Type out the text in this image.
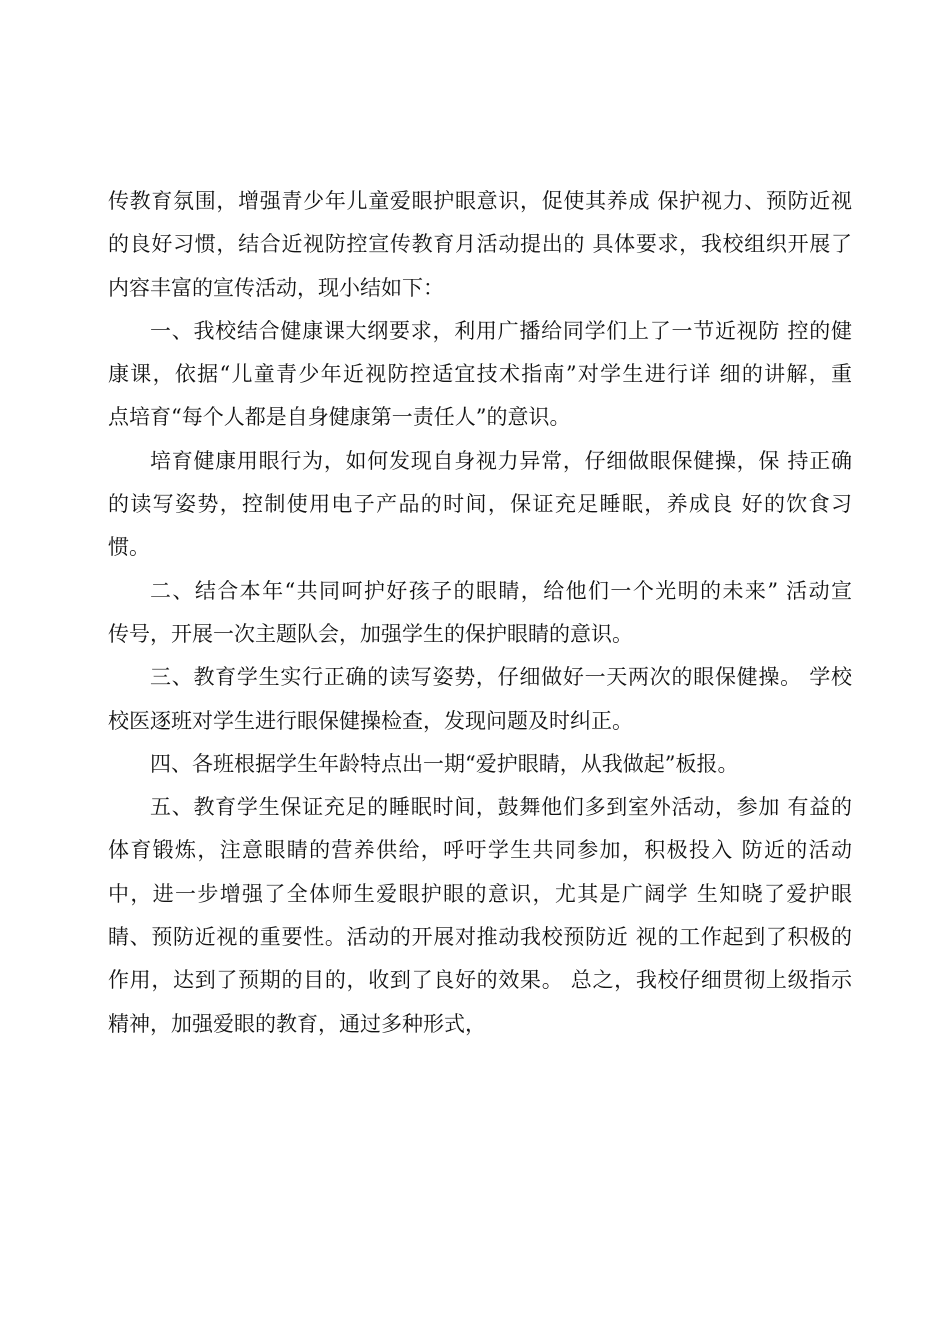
传教育氛围，增强青少年儿童爱眼护眼意识，促使其养成 保护视力、预防近视
的良好习惯，结合近视防控宣传教育月活动提出的 具体要求，我校组织开展了
内容丰富的宣传活动，现小结如下：
一、我校结合健康课大纲要求，利用广播给同学们上了一节近视防 控的健
康课，依据“儿童青少年近视防控适宜技术指南”对学生进行详 细的讲解，重
点培育“每个人都是自身健康第一责任人”的意识。
培育健康用眼行为，如何发现自身视力异常，仔细做眼保健操，保 持正确
的读写姿势，控制使用电子产品的时间，保证充足睡眠，养成良 好的饮食习
惯。
二、结合本年“共同呵护好孩子的眼睛，给他们一个光明的未来” 活动宣
传号，开展一次主题队会，加强学生的保护眼睛的意识。
三、教育学生实行正确的读写姿势，仔细做好一天两次的眼保健操。 学校
校医逐班对学生进行眼保健操检查，发现问题及时纠正。
四、各班根据学生年龄特点出一期“爱护眼睛，从我做起”板报。
五、教育学生保证充足的睡眠时间，鼓舞他们多到室外活动，参加 有益的
体育锻炼，注意眼睛的营养供给，呼吁学生共同参加，积极投入 防近的活动
中，进一步增强了全体师生爱眼护眼的意识，尤其是广阔学 生知晓了爱护眼
睛、预防近视的重要性。活动的开展对推动我校预防近 视的工作起到了积极的
作用，达到了预期的目的，收到了良好的效果。 总之，我校仔细贯彻上级指示
精神，加强爱眼的教育，通过多种形式，
